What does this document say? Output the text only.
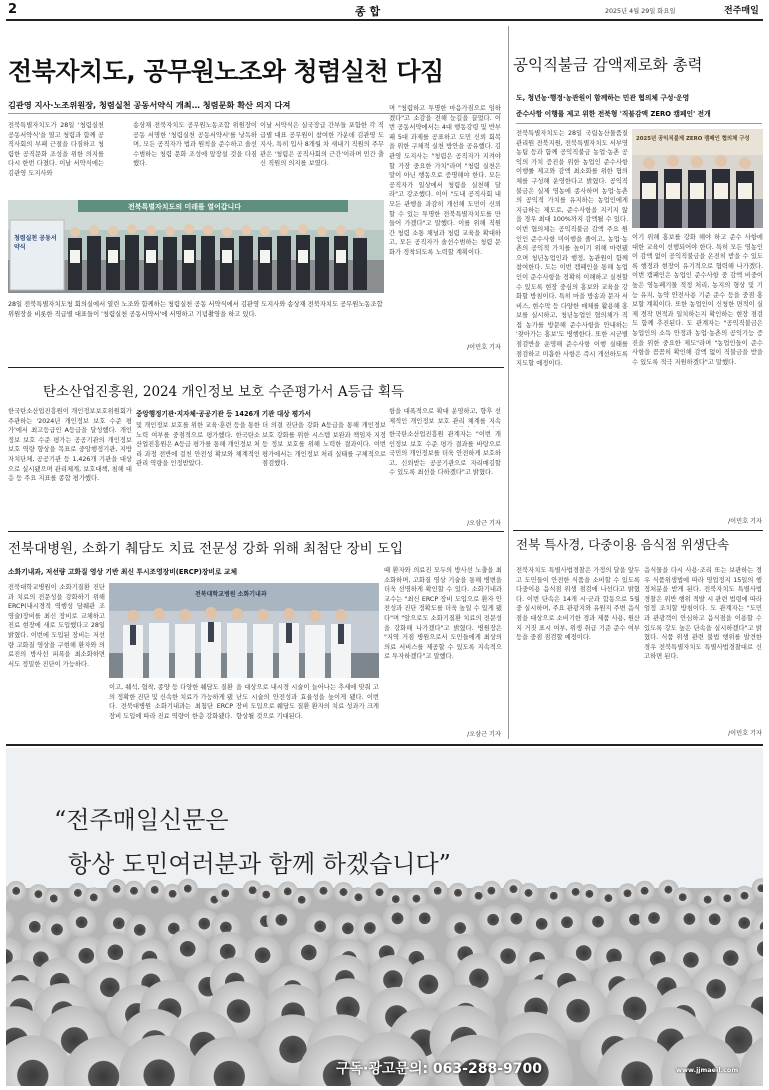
2	종 합	2025년 4월 29일 화요일	전주매일
전북자치도, 공무원노조와 청렴실천 다짐
김관영 지사·노조위원장, 청렴실천 공동서약식 개최… 청렴문화 확산 의지 다져
전북특별자치도가 28일 '청렴실천 공동서약식'을 열고 청렴과 함께 공직사회의 부패 근절을 다짐하고 청렴한 공직문화 조성을 위한 의지를 다시 한번 다졌다. 이날 서약식에는 김관영 도지사와
송상재 전북자치도 공무원노동조합 위원장이 공동 서명한 '청렴실천 공동서약서'를 낭독하며, 모든 공직자가 법과 원칙을 준수하고 솔선수범하는 청렴 문화 조성에 앞장설 것을 다짐했다.
이날 서약식은 실국장급 간부들 포함한 각 직급별 대표 공무원이 참여한 가운데 김관영 도지사, 특히 입사 8개월 차 새내기 직원의 주무관은 '청렴은 공직사회의 근간'이라며 민간 출신 직원의 의지를 보였다.
며 "청렴하고 투명한 마음가짐으로 임하겠다"고 소감을 전해 눈길을 끌었다. 이번 공동서약에서는 4대 행동강령 및 반부패 5대 과제를 공표하고 도민 신뢰 회복을 위한 구체적 실천 방안을 공유했다. 김관영 도지사는 "청렴은 공직자가 지켜야 할 가장 중요한 가치"라며 "청렴 실천은 말이 아닌 행동으로 증명해야 한다. 모든 공직자가 일상에서 청렴을 실천해 달라"고 강조했다. 이어 "도내 공직사회 내 모든 관행을 과감히 개선해 도민이 신뢰할 수 있는 투명한 전북특별자치도를 만들어 가겠다"고 말했다. 이를 위해 직원 간 청렴 소통 채널과 청렴 교육을 확대하고, 모든 공직자가 솔선수범하는 청렴 문화가 정착되도록 노력할 계획이다.
/이민호 기자
전북특별자치도의 미래를 열어갑니다
청렴실천 공동서약식
28일 전북특별자치도청 회의실에서 열린 노조와 함께하는 청렴실천 공동 서약식에서 김관영 도지사와 송상재 전북자치도 공무원노동조합 위원장을 비롯한 직급별 대표들이 '청렴실천 공동서약서'에 서명하고 기념촬영을 하고 있다.
공익직불금 감액제로화 총력
도, 청년농·행정·농관원이 함께하는 민관 협의체 구성·운영
준수사항 이행률 제고 위한 전북형 '직불감액 ZERO 캠페인' 전개
전북특별자치도는 28일 국립농산물품질관리원 전북지원, 전북특별자치도 서부영농팀 등과 함께 공익직불금 농업·농촌 공익의 가치 증진을 위한 농업인 준수사항 이행률 제고와 감액 최소화를 위한 협의체를 구성해 운영한다고 밝혔다. 공익직불금은 실제 영농에 종사하며 농업·농촌의 공익적 가치를 유지하는 농업인에게 지급하는 제도로, 준수사항을 지키지 않을 경우 최대 100%까지 감액될 수 있다. 이번 협의체는 공익직불금 감액 주요 원인인 준수사항 미이행을 줄이고, 농업·농촌의 공익적 가치를 높이기 위해 마련됐으며 청년농업인과 행정, 농관원이 함께 참여한다. 도는 이번 캠페인을 통해 농업인이 준수사항을 정확히 이해하고 실천할 수 있도록 현장 중심의 홍보와 교육을 강화할 방침이다. 특히 마을 방송과 문자 서비스, 현수막 등 다양한 매체를 활용해 홍보를 실시하고, 청년농업인 협의체가 직접 농가를 방문해 준수사항을 안내하는 '찾아가는 홍보'도 병행한다. 또한 시군별 점검반을 운영해 준수사항 이행 실태를 점검하고 미흡한 사항은 즉시 개선하도록 지도할 예정이다.
2025년 공익직불제 ZERO 캠페인 협의체 구성
이기 위해 홍보를 강화 해야 하고 준수 사항에 대한 교육이 선행되어야 한다. 특히 모든 영농인이 감액 없이 공익직불금을 온전히 받을 수 있도록 행정과 현장이 유기적으로 협력해 나가겠다. 이번 캠페인은 농업인 준수사항 중 감액 비중이 높은 영농폐기물 적정 처리, 농지의 형상 및 기능 유지, 농약 안전사용 기준 준수 등을 중점 홍보할 계획이다. 또한 농업인이 신청한 면적이 실제 경작 면적과 일치하는지 확인하는 현장 점검도 함께 추진된다. 도 관계자는 "공익직불금은 농업인의 소득 안정과 농업·농촌의 공익기능 증진을 위한 중요한 제도"라며 "농업인들이 준수사항을 꼼꼼히 확인해 감액 없이 직불금을 받을 수 있도록 적극 지원하겠다"고 말했다.
/이민호 기자
탄소산업진흥원, 2024 개인정보 보호 수준평가서 A등급 획득
중앙행정기관·지자체·공공기관 등 1426개 기관 대상 평가서
한국탄소산업진흥원이 개인정보보호위원회가 주관하는 '2024년 개인정보 보호 수준 평가'에서 최고등급인 A등급을 달성했다. 개인정보 보호 수준 평가는 공공기관의 개인정보 보호 역량 향상을 목표로 중앙행정기관, 지방자치단체, 공공기관 등 1,426개 기관을 대상으로 실시됐으며 관리체계, 보호대책, 침해 대응 등 주요 지표를 종합 평가했다.
및 개인정보 보호를 위한 교육·훈련 등을 통한 노력 여부를 중점적으로 평가했다. 한국탄소산업진흥원은 A등급 평가를 통해 개인정보 처리 과정 전반에 걸친 안전성 확보와 체계적인 관리 역량을 인정받았다.
더 의결 진단을 강화 A등급을 통해 개인정보 보호 강화를 위한 시스템 보완과 책임자 지정 등 정보 보호를 위해 노력한 결과이다. 이번 평가에서는 개인정보 처리 실태를 구체적으로 점검했다.
항을 대폭적으로 확대 운영하고, 향후 선제적인 개인정보 보호 관리 체계를 지속
한국탄소산업진흥원 관계자는 "이번 개인정보 보호 수준 평가 결과를 바탕으로 국민의 개인정보를 더욱 안전하게 보호하고, 신뢰받는 공공기관으로 자리매김할 수 있도록 최선을 다하겠다"고 밝혔다.
/오삼근 기자
전북 특사경, 다중이용 음식점 위생단속
전북자치도 특별사법경찰은 가정의 달을 앞두고 도민들이 안전한 식품을 소비할 수 있도록 다중이용 음식점 위생 점검에 나선다고 밝혔다. 이번 단속은 14개 시·군과 합동으로 5월 중 실시하며, 주요 관광지와 유원지 주변 음식점을 대상으로 소비기한 경과 제품 사용, 원산지 거짓 표시 여부, 위생 취급 기준 준수 여부 등을 중점 점검할 예정이다.
음식물을 다시 사용·조리 또는 보관하는 경우 식품위생법에 따라 영업정지 15일의 행정처분을 받게 된다. 전북자치도 특별사법경찰은 위반 행위 적발 시 관련 법령에 따라 엄정 조치할 방침이다. 도 관계자는 "도민과 관광객이 안심하고 음식점을 이용할 수 있도록 강도 높은 단속을 실시하겠다"고 밝혔다. 식품 위생 관련 불법 행위를 발견한 경우 전북특별자치도 특별사법경찰대로 신고하면 된다.
/이민호 기자
전북대병원, 소화기 췌담도 치료 전문성 강화 위해 최첨단 장비 도입
소화기내과, 저선량 고화질 영상 기반 최신 투시조영장비(ERCP)장비로 교체
전북대학교병원이 소화기질환 진단과 치료의 전문성을 강화하기 위해 ERCP(내시경적 역행성 담췌관 조영술)장비를 최신 장비로 교체하고 진료 현장에 새로 도입했다고 28일 밝혔다. 이번에 도입된 장비는 저선량 고화질 영상을 구현해 환자와 의료진의 방사선 피폭을 최소화하면서도 정밀한 진단이 가능하다.
전북대학교병원 소화기내과
이고, 췌석, 협착, 종양 등 다양한 췌담도 질환의 정확한 진단 및 신속한 치료가 가능하게 됐다. 전북대병원 소화기내과는 최첨단 ERCP 장비 도입에 따라 진료 역량이 한층 강화됐다.
을 대상으로 내시경 시술이 늘어나는 추세에 맞춰 고난도 시술의 안전성과 효율성을 높이게 됐다. 이번 장비 도입으로 췌담도 질환 환자의 치료 성과가 크게 향상될 것으로 기대된다.
때 환자와 의료진 모두의 방사선 노출을 최소화하며, 고화질 영상 기술을 통해 병변을 더욱 선명하게 확인할 수 있다. 소화기내과 교수는 "최신 ERCP 장비 도입으로 환자 안전성과 진단 정확도를 더욱 높일 수 있게 됐다"며 "앞으로도 소화기질환 치료의 전문성을 강화해 나가겠다"고 밝혔다. 병원장은 "지역 거점 병원으로서 도민들에게 최상의 의료 서비스를 제공할 수 있도록 지속적으로 투자하겠다"고 말했다.
/오삼근 기자
“전주매일신문은
항상 도민여러분과 함께 하겠습니다”
구독·광고문의: 063-288-9700	www.jjmaeil.com
